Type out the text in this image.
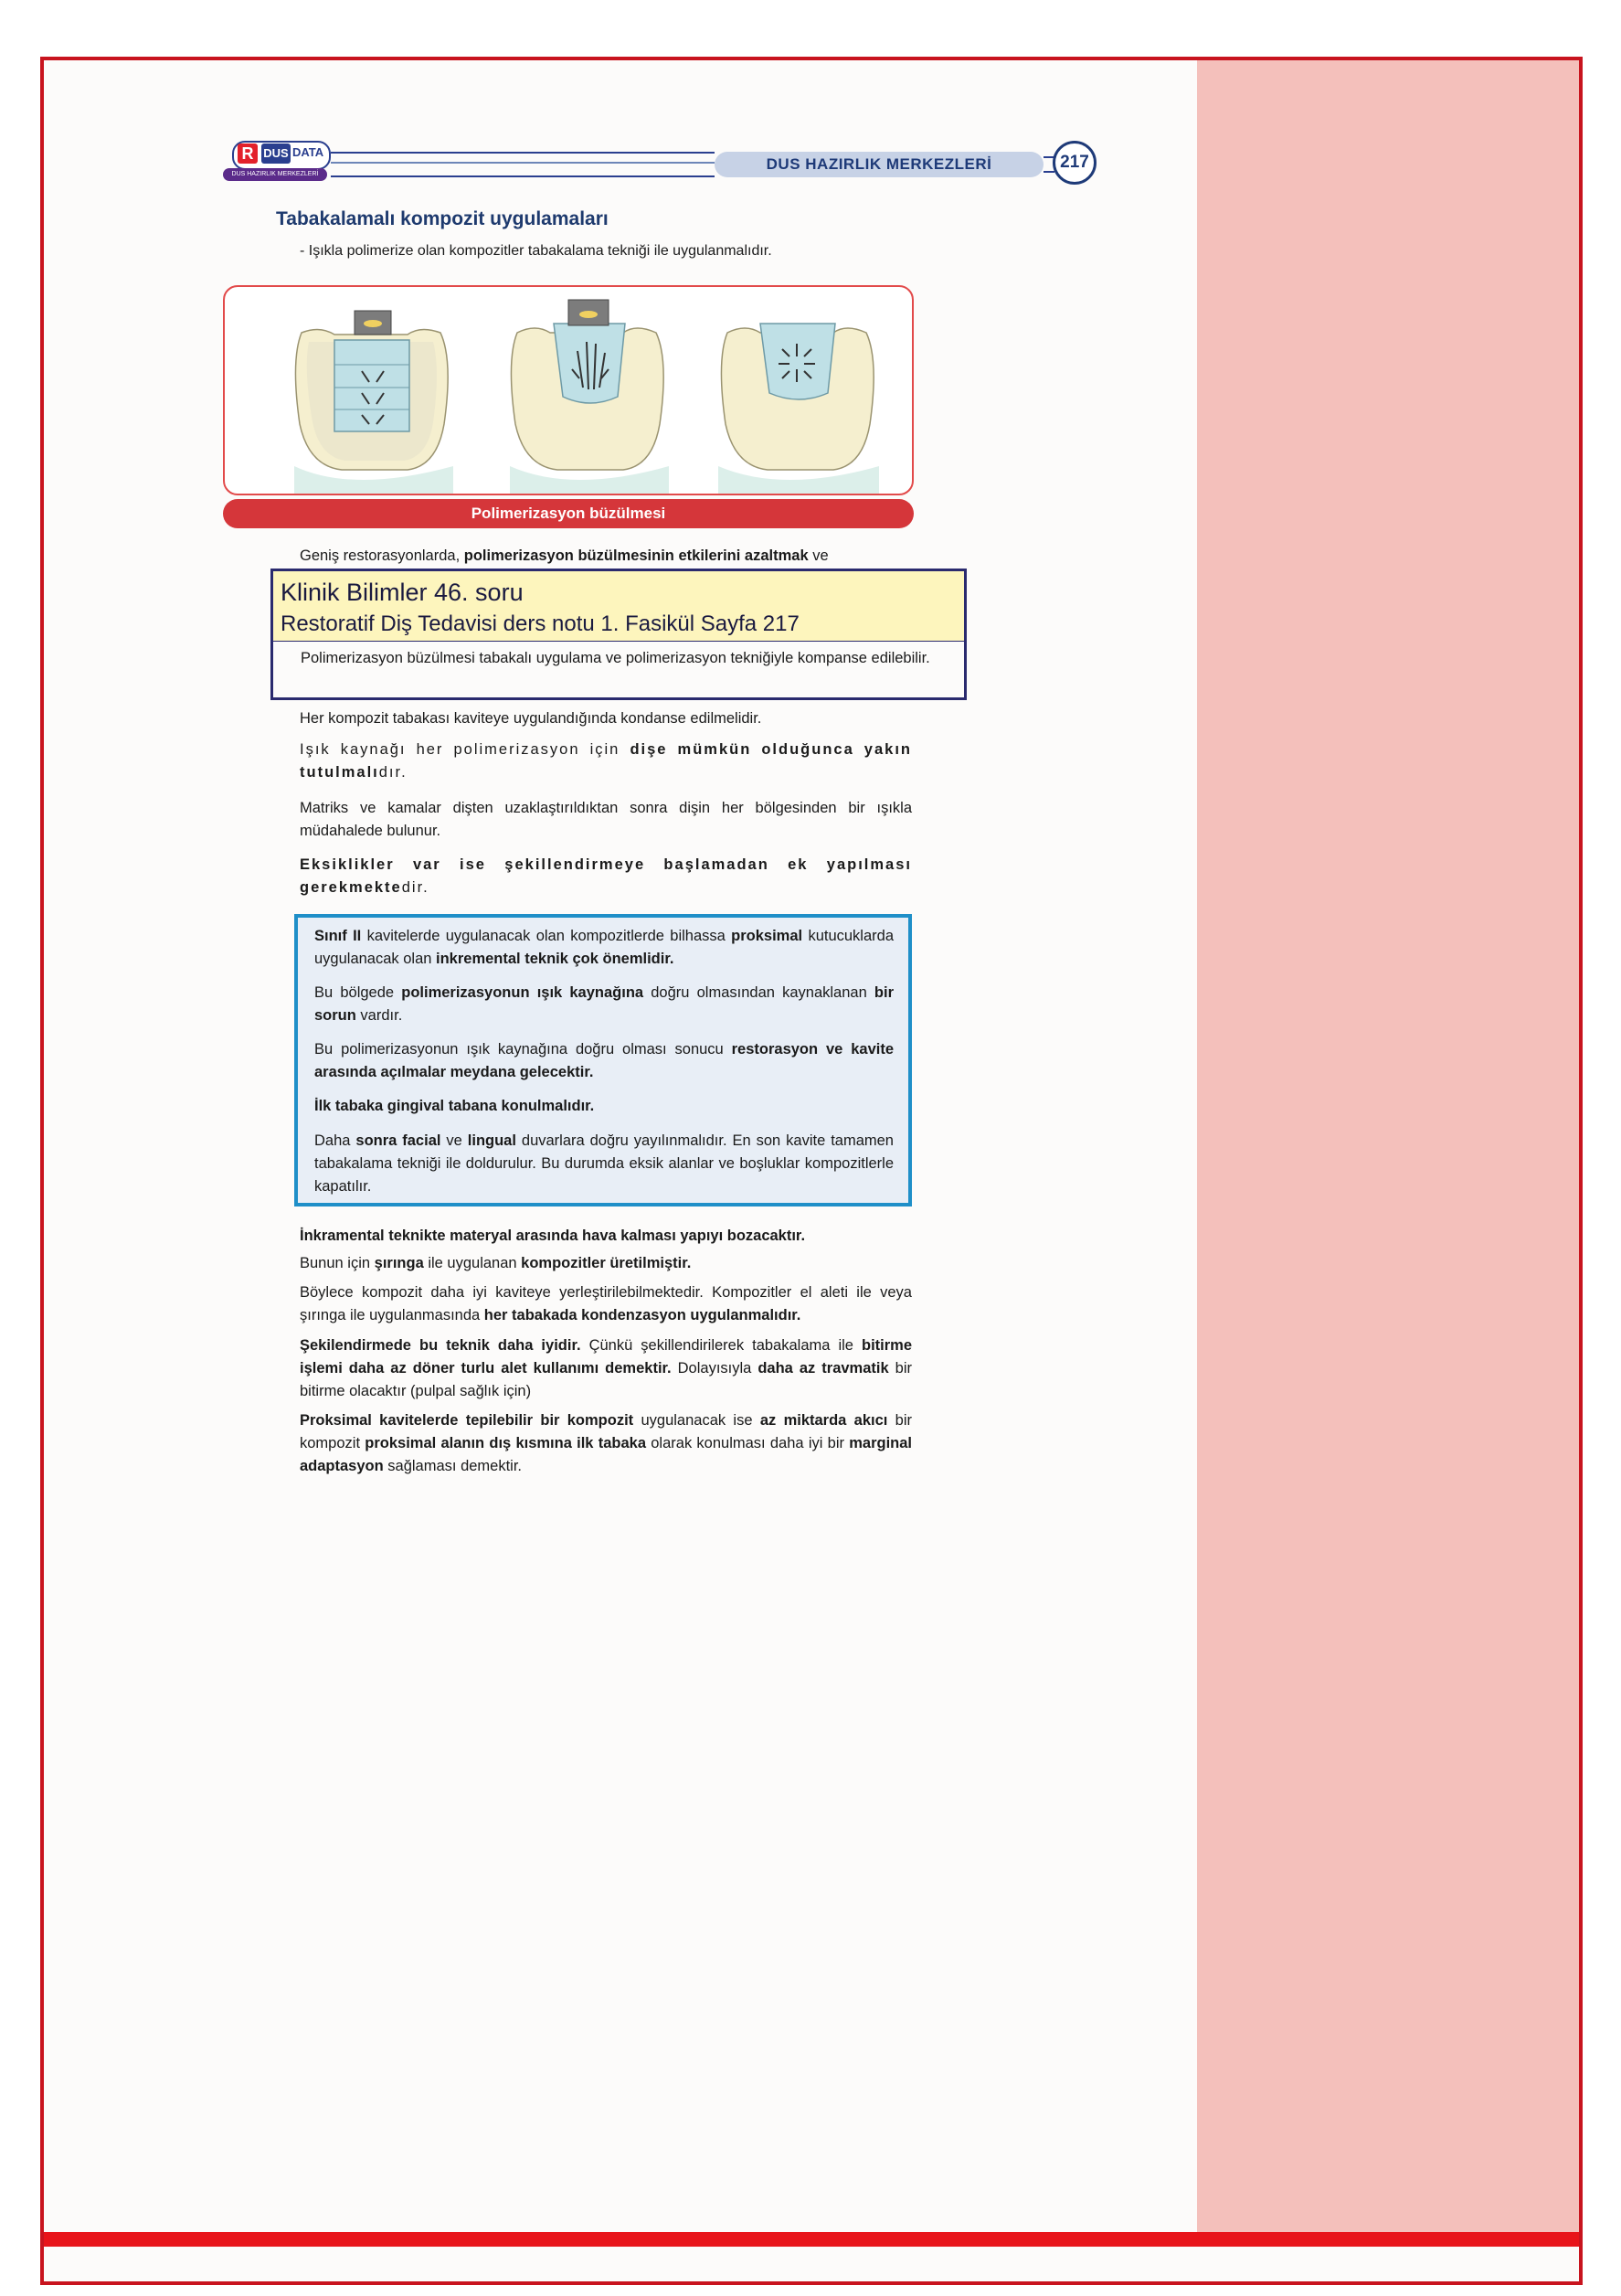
R DUS DATA
DUS HAZIRLIK MERKEZLERİ
DUS HAZIRLIK MERKEZLERİ	217
Tabakalamalı kompozit uygulamaları
- Işıkla polimerize olan kompozitler tabakalama tekniği ile uygulanmalıdır.
Polimerizasyon büzülmesi

Geniş restorasyonlarda, polimerizasyon büzülmesinin etkilerini azaltmak ve

Klinik Bilimler 46. soru
Restoratif Diş Tedavisi ders notu 1. Fasikül Sayfa 217

Polimerizasyon büzülmesi tabakalı uygulama ve polimerizasyon tekniğiyle kompanse edilebilir.

Her kompozit tabakası kaviteye uygulandığında kondanse edilmelidir.

Işık kaynağı her polimerizasyon için dişe mümkün olduğunca yakın tutulmalıdır.

Matriks ve kamalar dişten uzaklaştırıldıktan sonra dişin her bölgesinden bir ışıkla müdahalede bulunur.

Eksiklikler var ise şekillendirmeye başlamadan ek yapılması gerekmektedir.

Sınıf II kavitelerde uygulanacak olan kompozitlerde bilhassa proksimal kutucuklarda uygulanacak olan inkremental teknik çok önemlidir.

Bu bölgede polimerizasyonun ışık kaynağına doğru olmasından kaynaklanan bir sorun vardır.

Bu polimerizasyonun ışık kaynağına doğru olması sonucu restorasyon ve kavite arasında açılmalar meydana gelecektir.

İlk tabaka gingival tabana konulmalıdır.

Daha sonra facial ve lingual duvarlara doğru yayılınmalıdır. En son kavite tamamen tabakalama tekniği ile doldurulur. Bu durumda eksik alanlar ve boşluklar kompozitlerle kapatılır.

İnkramental teknikte materyal arasında hava kalması yapıyı bozacaktır.

Bunun için şırınga ile uygulanan kompozitler üretilmiştir.

Böylece kompozit daha iyi kaviteye yerleştirilebilmektedir. Kompozitler el aleti ile veya şırınga ile uygulanmasında her tabakada kondenzasyon uygulanmalıdır.

Şekilendirmede bu teknik daha iyidir. Çünkü şekillendirilerek tabakalama ile bitirme işlemi daha az döner turlu alet kullanımı demektir. Dolayısıyla daha az travmatik bir bitirme olacaktır (pulpal sağlık için)

Proksimal kavitelerde tepilebilir bir kompozit uygulanacak ise az miktarda akıcı bir kompozit proksimal alanın dış kısmına ilk tabaka olarak konulması daha iyi bir marginal adaptasyon sağlaması demektir.
